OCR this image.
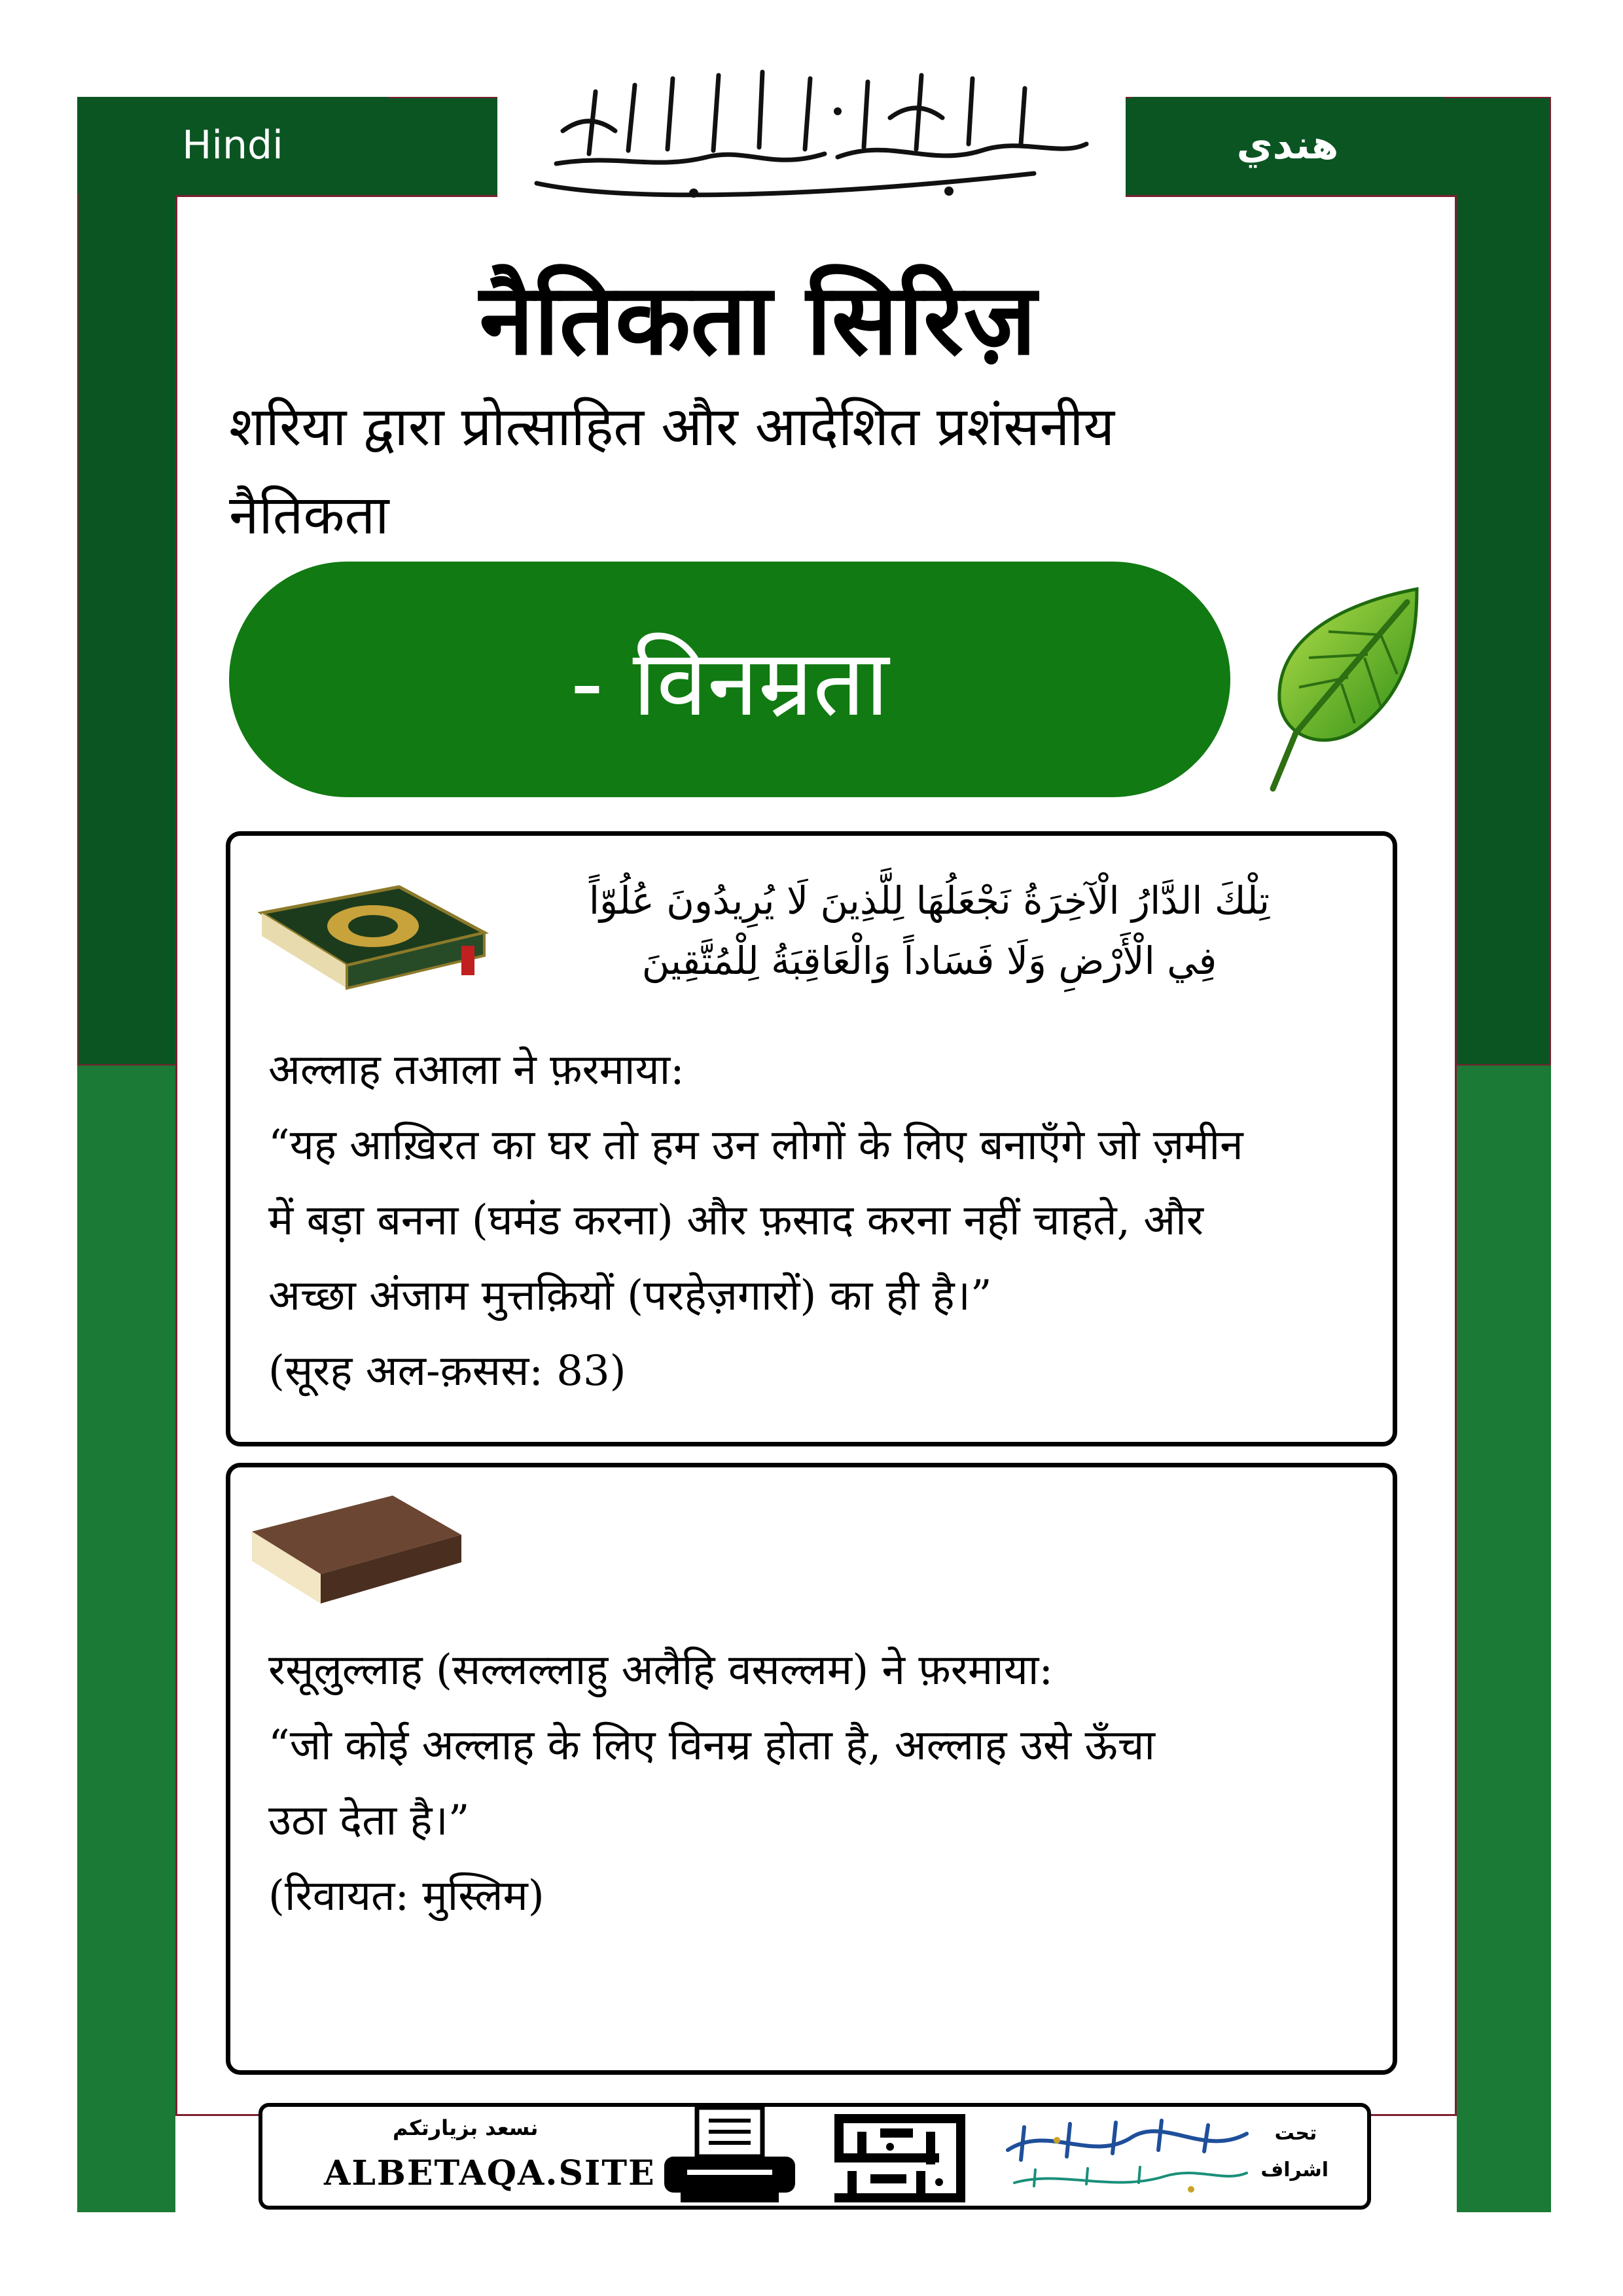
Hindi	هندي
नैतिकता सिरिज़
शरिया द्वारा प्रोत्साहित और आदेशित प्रशंसनीय
नैतिकता
- विनम्रता
تِلْكَ الدَّارُ الْآخِرَةُ نَجْعَلُهَا لِلَّذِينَ لَا يُرِيدُونَ عُلُوّاً
فِي الْأَرْضِ وَلَا فَسَاداً وَالْعَاقِبَةُ لِلْمُتَّقِينَ
अल्लाह तआला ने फ़रमाया:
“यह आख़िरत का घर तो हम उन लोगों के लिए बनाएँगे जो ज़मीन
में बड़ा बनना (घमंड करना) और फ़साद करना नहीं चाहते, और
अच्छा अंजाम मुत्तक़ियों (परहेज़गारों) का ही है।”
(सूरह अल-क़सस: 83)
रसूलुल्लाह (सल्लल्लाहु अलैहि वसल्लम) ने फ़रमाया:
“जो कोई अल्लाह के लिए विनम्र होता है, अल्लाह उसे ऊँचा
उठा देता है।”
(रिवायत: मुस्लिम)
نسعد بزيارتكم
ALBETAQA.SITE
تحت
اشراف
